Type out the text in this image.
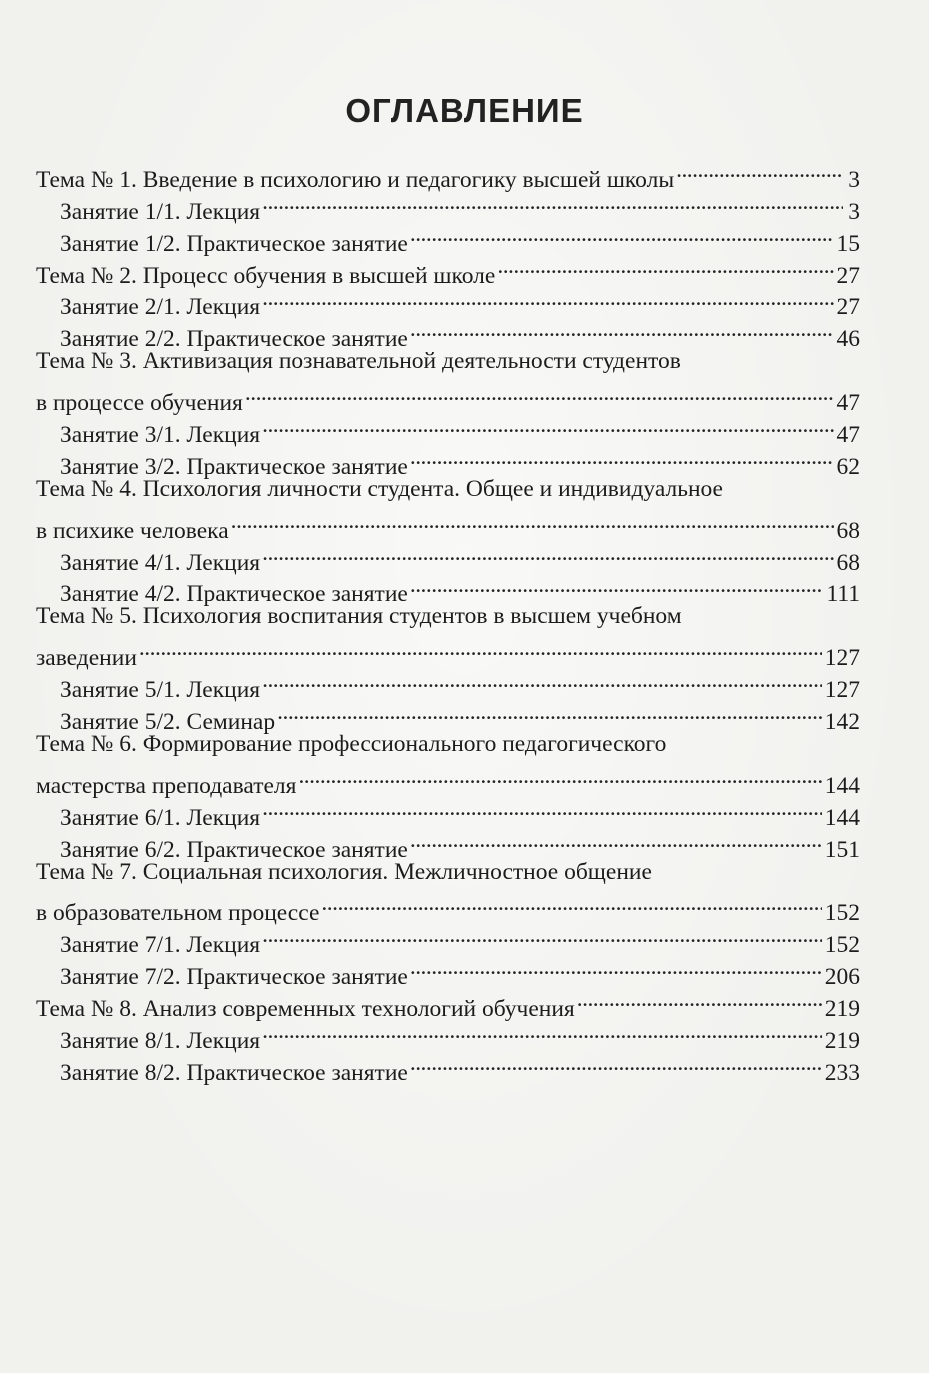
ОГЛАВЛЕНИЕ
Тема № 1. Введение в психологию и педагогику высшей школы . . .	3
Занятие 1/1. Лекция . . .	3
Занятие 1/2. Практическое занятие . . .	15
Тема № 2. Процесс обучения в высшей школе . . .	27
Занятие 2/1. Лекция . . .	27
Занятие 2/2. Практическое занятие . . .	46
Тема № 3. Активизация познавательной деятельности студентов
в процессе обучения . . .	47
Занятие 3/1. Лекция . . .	47
Занятие 3/2. Практическое занятие . . .	62
Тема № 4. Психология личности студента. Общее и индивидуальное
в психике человека . . .	68
Занятие 4/1. Лекция . . .	68
Занятие 4/2. Практическое занятие . . .	111
Тема № 5. Психология воспитания студентов в высшем учебном
заведении . . .	127
Занятие 5/1. Лекция . . .	127
Занятие 5/2. Семинар . . .	142
Тема № 6. Формирование профессионального педагогического
мастерства преподавателя . . .	144
Занятие 6/1. Лекция . . .	144
Занятие 6/2. Практическое занятие . . .	151
Тема № 7. Социальная психология. Межличностное общение
в образовательном процессе . . .	152
Занятие 7/1. Лекция . . .	152
Занятие 7/2. Практическое занятие . . .	206
Тема № 8. Анализ современных технологий обучения . . .	219
Занятие 8/1. Лекция . . .	219
Занятие 8/2. Практическое занятие . . .	233
